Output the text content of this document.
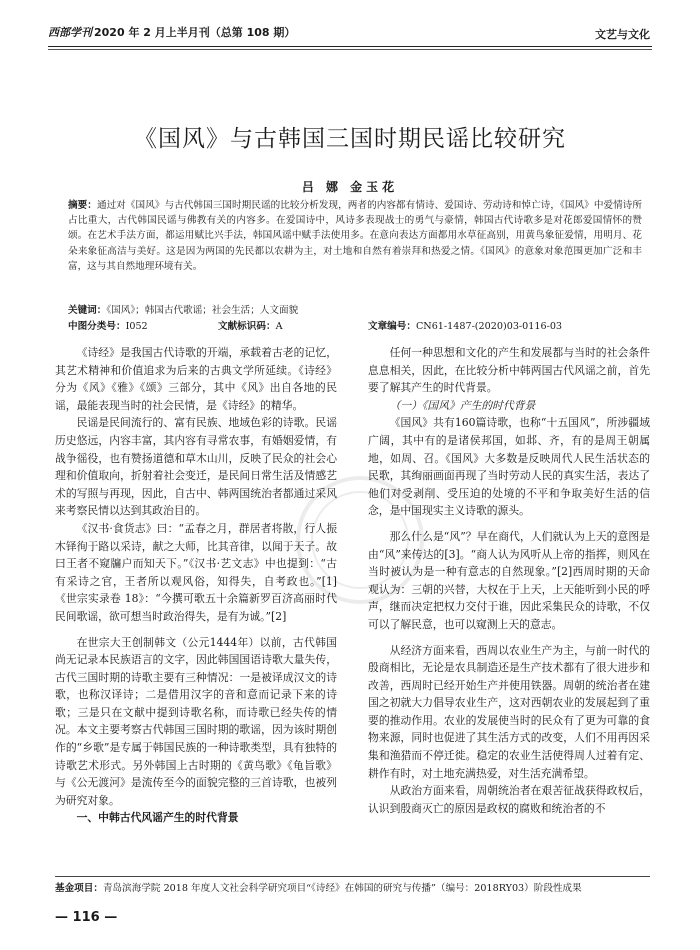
西部学刊 2020 年 2 月上半月刊（总第 108 期）	文艺与文化
《国风》与古韩国三国时期民谣比较研究
吕 娜 金玉花
摘要：通过对《国风》与古代韩国三国时期民谣的比较分析发现，两者的内容都有情诗、爱国诗、劳动诗和悼亡诗，《国风》中爱情诗所占比重大，古代韩国民谣与佛教有关的内容多。在爱国诗中，风诗多表现战士的勇气与豪情，韩国古代诗歌多是对花郎爱国情怀的赞颂。在艺术手法方面，都运用赋比兴手法，韩国风谣中赋手法使用多。在意向表达方面都用水草征高别，用黄鸟象征爱情，用明月、花朵来象征高洁与美好。这是因为两国的先民都以农耕为主，对土地和自然有着崇拜和热爱之情。《国风》的意象对象范围更加广泛和丰富，这与其自然地理环境有关。
关键词：《国风》；韩国古代歌谣；社会生活；人文面貌
中图分类号：I052	文献标识码：A	文章编号：CN61-1487-(2020)03-0116-03

《诗经》是我国古代诗歌的开端，承载着古老的记忆，其艺术精神和价值追求为后来的古典文学所延续。《诗经》分为《风》《雅》《颂》三部分，其中《风》出自各地的民谣，最能表现当时的社会民情，是《诗经》的精华。

民谣是民间流行的、富有民族、地域色彩的诗歌。民谣历史悠远，内容丰富，其内容有寻常农事，有婚姻爱情，有战争徭役，也有赞扬道德和草木山川，反映了民众的社会心理和价值取向，折射着社会变迁，是民间日常生活及情感艺术的写照与再现，因此，自古中、韩两国统治者都通过采风来考察民情以达到其政治目的。

《汉书·食货志》曰：“孟春之月，群居者将散，行人振木铎徇于路以采诗，献之大师，比其音律，以闻于天子。故曰王者不窥牖户而知天下。”《汉书·艺文志》中也提到：“古有采诗之官，王者所以观风俗，知得失，自考政也。”[1]《世宗实录卷 18》：“今撰可歌五十余篇新罗百济高丽时代民间歌谣，欲可想当时政治得失，是有为诚。”[2]

在世宗大王创制韩文（公元1444年）以前，古代韩国尚无记录本民族语言的文字，因此韩国国语诗歌大量失传，古代三国时期的诗歌主要有三种情况：一是被译成汉文的诗歌，也称汉译诗；二是借用汉字的音和意而记录下来的诗歌；三是只在文献中提到诗歌名称，而诗歌已经失传的情况。本文主要考察古代韩国三国时期的歌谣，因为该时期创作的“乡歌”是专属于韩国民族的一种诗歌类型，具有独特的诗歌艺术形式。另外韩国上古时期的《黄鸟歌》《龟旨歌》与《公无渡河》是流传至今的面貌完整的三首诗歌，也被列为研究对象。

一、中韩古代风谣产生的时代背景

任何一种思想和文化的产生和发展都与当时的社会条件息息相关，因此，在比较分析中韩两国古代风谣之前，首先要了解其产生的时代背景。

（一）《国风》产生的时代背景

《国风》共有160篇诗歌，也称“十五国风”，所涉疆域广阔，其中有的是诸侯邦国，如邶、齐，有的是周王朝属地，如周、召。《国风》大多数是反映周代人民生活状态的民歌，其绚丽画面再现了当时劳动人民的真实生活，表达了他们对受剥削、受压迫的处境的不平和争取美好生活的信念，是中国现实主义诗歌的源头。

那么什么是“风”？早在商代，人们就认为上天的意图是由“风”来传达的[3]。“商人认为风听从上帝的指挥，则风在当时被认为是一种有意志的自然现象。”[2]西周时期的天命观认为：三朝的兴替，大权在于上天，上天能听到小民的呼声，继而决定把权力交付于谁，因此采集民众的诗歌，不仅可以了解民意，也可以窥测上天的意志。

从经济方面来看，西周以农业生产为主，与前一时代的殷商相比，无论是农具制造还是生产技术都有了很大进步和改善，西周时已经开始生产并使用铁器。周朝的统治者在建国之初就大力倡导农业生产，这对西朝农业的发展起到了重要的推动作用。农业的发展使当时的民众有了更为可靠的食物来源，同时也促进了其生活方式的改变，人们不用再因采集和渔猎而不停迁徙。稳定的农业生活使得周人过着有定、耕作有时，对土地充满热爱，对生活充满希望。

从政治方面来看，周朝统治者在艰苦征战获得政权后，认识到殷商灭亡的原因是政权的腐败和统治者的不

基金项目：青岛滨海学院 2018 年度人文社会科学研究项目“《诗经》在韩国的研究与传播”（编号：2018RY03）阶段性成果
— 116 —
